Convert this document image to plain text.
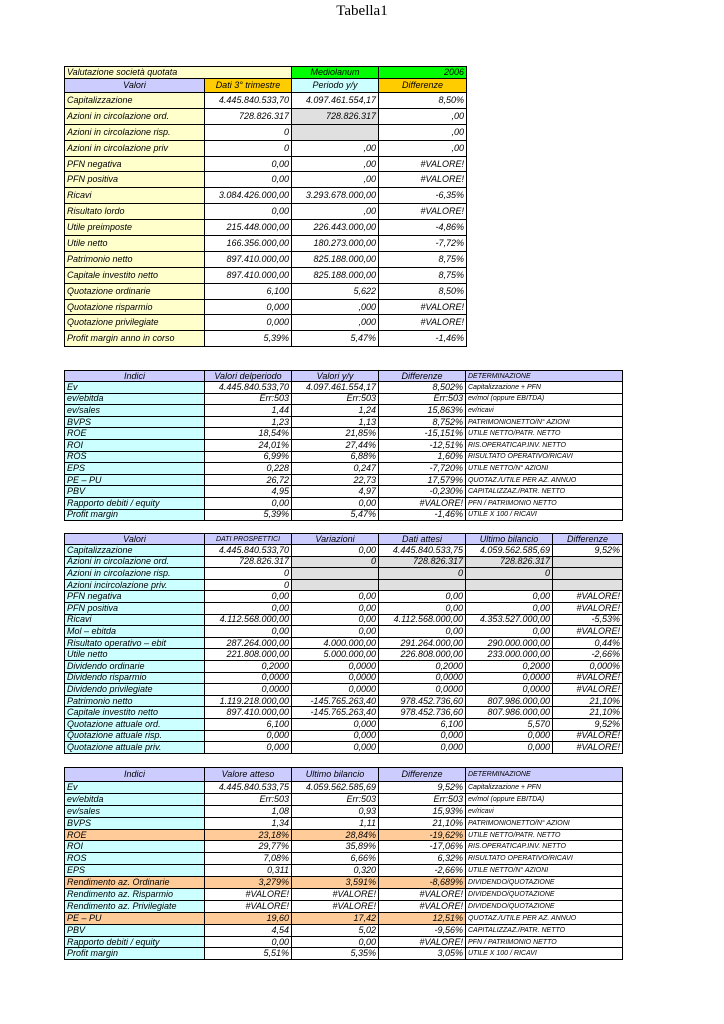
Tabella1
Valutazione società quotata		Mediolanum	2006
Valori	Dati 3° trimestre	Periodo y/y	Differenze
Capitalizzazione	4.445.840.533,70	4.097.461.554,17	8,50%
Azioni in circolazione ord.	728.826.317	728.826.317	,00
Azioni in circolazione risp.	0		,00
Azioni in circolazione priv	0	,00	,00
PFN negativa	0,00	,00	#VALORE!
PFN positiva	0,00	,00	#VALORE!
Ricavi	3.084.426.000,00	3.293.678.000,00	-6,35%
Risultato lordo	0,00	,00	#VALORE!
Utile preimposte	215.448.000,00	226.443.000,00	-4,86%
Utile netto	166.356.000,00	180.273.000,00	-7,72%
Patrimonio netto	897.410.000,00	825.188.000,00	8,75%
Capitale investito netto	897.410.000,00	825.188.000,00	8,75%
Quotazione ordinarie	6,100	5,622	8,50%
Quotazione risparmio	0,000	,000	#VALORE!
Quotazione privilegiate	0,000	,000	#VALORE!
Profit margin anno in corso	5,39%	5,47%	-1,46%
Indici	Valori delperiodo	Valori y/y	Differenze	DETERMINAZIONE
Ev	4.445.840.533,70	4.097.461.554,17	8,502%	Capitalizzazione + PFN
ev/ebitda	Err:503	Err:503	Err:503	ev/mol (oppure EBITDA)
ev/sales	1,44	1,24	15,863%	ev/ricavi
BVPS	1,23	1,13	8,752%	PATRIMONIONETTO/N° AZIONI
ROE	18,54%	21,85%	-15,151%	UTILE NETTO/PATR. NETTO
ROI	24,01%	27,44%	-12,51%	RIS.OPERATICAP.INV. NETTO
ROS	6,99%	6,88%	1,60%	RISULTATO OPERATIVO/RICAVI
EPS	0,228	0,247	-7,720%	UTILE NETTO/N° AZIONI
PE – PU	26,72	22,73	17,579%	QUOTAZ./UTILE PER AZ. ANNUO
PBV	4,95	4,97	-0,230%	CAPITALIZZAZ./PATR. NETTO
Rapporto debiti / equity	0,00	0,00	#VALORE!	PFN / PATRIMONIO NETTO
Profit margin	5,39%	5,47%	-1,46%	UTILE X 100 / RICAVI
Valori	DATI PROSPETTICI	Variazioni	Dati attesi	Ultimo bilancio	Differenze
Capitalizzazione	4.445.840.533,70	0,00	4.445.840.533,75	4.059.562.585,69	9,52%
Azioni in circolazione ord.	728.826.317	0	728.826.317	728.826.317	
Azioni in circolazione risp.	0		0	0	
Azioni incircolazione priv.	0				
PFN negativa	0,00	0,00	0,00	0,00	#VALORE!
PFN positiva	0,00	0,00	0,00	0,00	#VALORE!
Ricavi	4.112.568.000,00	0,00	4.112.568.000,00	4.353.527.000,00	-5,53%
Mol – ebitda	0,00	0,00	0,00	0,00	#VALORE!
Risultato operativo – ebit	287.264.000,00	4.000.000,00	291.264.000,00	290.000.000,00	0,44%
Utile netto	221.808.000,00	5.000.000,00	226.808.000,00	233.000.000,00	-2,66%
Dividendo ordinarie	0,2000	0,0000	0,2000	0,2000	0,000%
Dividendo risparmio	0,0000	0,0000	0,0000	0,0000	#VALORE!
Dividendo privilegiate	0,0000	0,0000	0,0000	0,0000	#VALORE!
Patrimonio netto	1.119.218.000,00	-145.765.263,40	978.452.736,60	807.986.000,00	21,10%
Capitale investito netto	897.410.000,00	-145.765.263,40	978.452.736,60	807.986.000,00	21,10%
Quotazione attuale ord.	6,100	0,000	6,100	5,570	9,52%
Quotazione attuale risp.	0,000	0,000	0,000	0,000	#VALORE!
Quotazione attuale priv.	0,000	0,000	0,000	0,000	#VALORE!
Indici	Valore atteso	Ultimo bilancio	Differenze	DETERMINAZIONE
Ev	4.445.840.533,75	4.059.562.585,69	9,52%	Capitalizzazione + PFN
ev/ebitda	Err:503	Err:503	Err:503	ev/mol (oppure EBITDA)
ev/sales	1,08	0,93	15,93%	ev/ricavi
BVPS	1,34	1,11	21,10%	PATRIMONIONETTO/N° AZIONI
ROE	23,18%	28,84%	-19,62%	UTILE NETTO/PATR. NETTO
ROI	29,77%	35,89%	-17,06%	RIS.OPERATICAP.INV. NETTO
ROS	7,08%	6,66%	6,32%	RISULTATO OPERATIVO/RICAVI
EPS	0,311	0,320	-2,66%	UTILE NETTO/N° AZIONI
Rendimento az. Ordinarie	3,279%	3,591%	-8,689%	DIVIDENDO/QUOTAZIONE
Rendimento az. Risparmio	#VALORE!	#VALORE!	#VALORE!	DIVIDENDO/QUOTAZIONE
Rendimento az. Privilegiate	#VALORE!	#VALORE!	#VALORE!	DIVIDENDO/QUOTAZIONE
PE – PU	19,60	17,42	12,51%	QUOTAZ./UTILE PER AZ. ANNUO
PBV	4,54	5,02	-9,56%	CAPITALIZZAZ./PATR. NETTO
Rapporto debiti / equity	0,00	0,00	#VALORE!	PFN / PATRIMONIO NETTO
Profit margin	5,51%	5,35%	3,05%	UTILE X 100 / RICAVI
